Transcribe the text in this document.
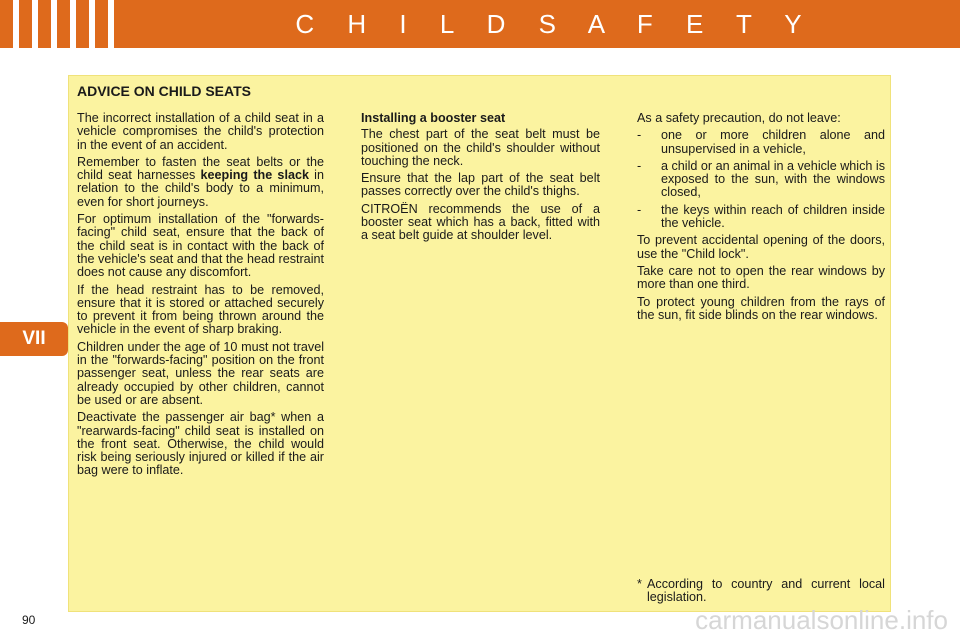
C H I L D S A F E T Y
VII
ADVICE ON CHILD SEATS

The incorrect installation of a child seat in a vehicle compromises the child's protection in the event of an accident.

Remember to fasten the seat belts or the child seat harnesses keeping the slack in relation to the child's body to a minimum, even for short journeys.

For optimum installation of the "forwards-facing" child seat, ensure that the back of the child seat is in contact with the back of the vehicle's seat and that the head restraint does not cause any discomfort.

If the head restraint has to be removed, ensure that it is stored or attached securely to prevent it from being thrown around the vehicle in the event of sharp braking.

Children under the age of 10 must not travel in the "forwards-facing" position on the front passenger seat, unless the rear seats are already occupied by other children, cannot be used or are absent.

Deactivate the passenger air bag* when a "rearwards-facing" child seat is installed on the front seat. Otherwise, the child would risk being seriously injured or killed if the air bag were to inflate.

Installing a booster seat

The chest part of the seat belt must be positioned on the child's shoulder without touching the neck.

Ensure that the lap part of the seat belt passes correctly over the child's thighs.

CITROËN recommends the use of a booster seat which has a back, fitted with a seat belt guide at shoulder level.

As a safety precaution, do not leave:

-	one or more children alone and unsupervised in a vehicle,
-	a child or an animal in a vehicle which is exposed to the sun, with the windows closed,
-	the keys within reach of children inside the vehicle.

To prevent accidental opening of the doors, use the "Child lock".

Take care not to open the rear windows by more than one third.

To protect young children from the rays of the sun, fit side blinds on the rear windows.

* According to country and current local legislation.
90	carmanualsonline.info
